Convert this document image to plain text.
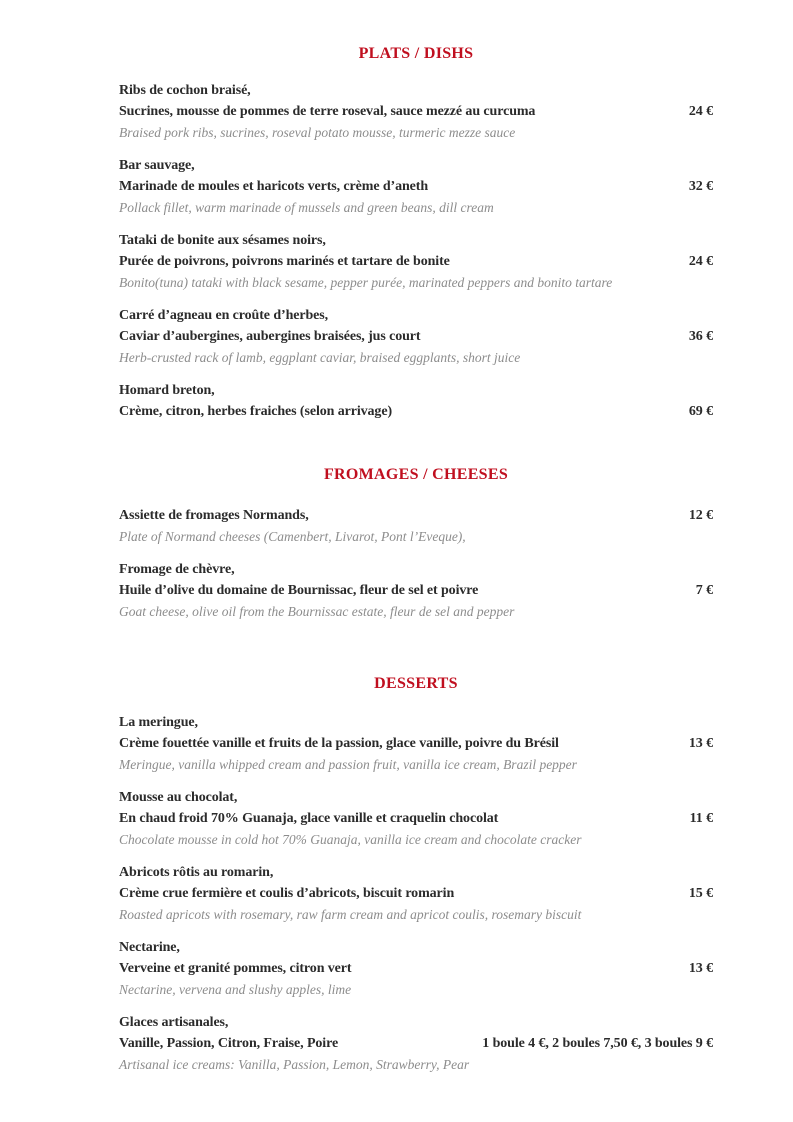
PLATS / DISHS
Ribs de cochon braisé,
Sucrines, mousse de pommes de terre roseval, sauce mezzé au curcuma	24 €
Braised pork ribs, sucrines, roseval potato mousse, turmeric mezze sauce
Bar sauvage,
Marinade de moules et haricots verts, crème d’aneth	32 €
Pollack fillet, warm marinade of mussels and green beans, dill cream
Tataki de bonite aux sésames noirs,
Purée de poivrons, poivrons marinés et tartare de bonite	24 €
Bonito(tuna) tataki with black sesame, pepper purée, marinated peppers and bonito tartare
Carré d’agneau en croûte d’herbes,
Caviar d’aubergines, aubergines braisées, jus court	36 €
Herb-crusted rack of lamb, eggplant caviar, braised eggplants, short juice
Homard breton,
Crème, citron, herbes fraiches (selon arrivage)	69 €
FROMAGES / CHEESES
Assiette de fromages Normands,	12 €
Plate of Normand cheeses (Camenbert, Livarot, Pont l’Eveque),
Fromage de chèvre,
Huile d’olive du domaine de Bournissac, fleur de sel et poivre	7 €
Goat cheese, olive oil from the Bournissac estate, fleur de sel and pepper
DESSERTS
La meringue,
Crème fouettée vanille et fruits de la passion, glace vanille, poivre du Brésil	13 €
Meringue, vanilla whipped cream and passion fruit, vanilla ice cream, Brazil pepper
Mousse au chocolat,
En chaud froid 70% Guanaja, glace vanille et craquelin chocolat	11 €
Chocolate mousse in cold hot 70% Guanaja, vanilla ice cream and chocolate cracker
Abricots rôtis au romarin,
Crème crue fermière et coulis d’abricots, biscuit romarin	15 €
Roasted apricots with rosemary, raw farm cream and apricot coulis, rosemary biscuit
Nectarine,
Verveine et granité pommes, citron vert	13 €
Nectarine, vervena and slushy apples, lime
Glaces artisanales,
Vanille, Passion, Citron, Fraise, Poire	1 boule 4 €, 2 boules 7,50 €, 3 boules 9 €
Artisanal ice creams: Vanilla, Passion, Lemon, Strawberry, Pear
